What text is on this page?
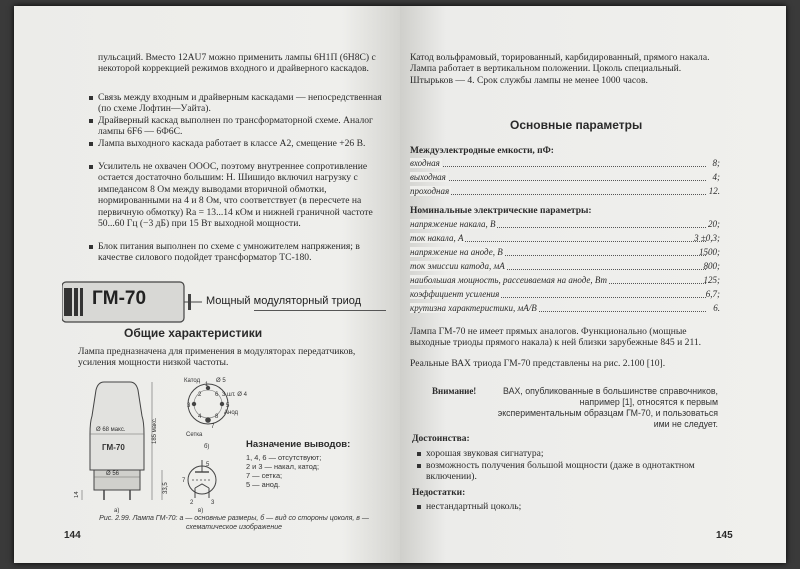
пульсаций. Вместо 12AU7 можно применить лампы 6Н1П (6Н8С) с некоторой коррекцией режимов входного и драйверного каскадов.
Связь между входным и драйверным каскадами — непосредственная (по схеме Лофтин—Уайта).
Драйверный каскад выполнен по трансформаторной схеме. Аналог лампы 6F6 — 6Ф6С.
Лампа выходного каскада работает в классе А2, смещение +26 В.
Усилитель не охвачен ОООС, поэтому внутреннее сопротивление остается достаточно большим: Н. Шишидо включил нагрузку с импедансом 8 Ом между выводами вторичной обмотки, нормированными на 4 и 8 Ом, что соответствует (в пересчете на первичную обмотку) Ra = 13...14 кОм и нижней граничной частоте 50...60 Гц (−3 дБ) при 15 Вт выходной мощности.
Блок питания выполнен по схеме с умножителем напряжения; в качестве силового подойдет трансформатор ТС-180.
ГМ-70	Мощный модуляторный триод
Общие характеристики
Лампа предназначена для применения в модуляторах передатчиков, усиления мощности низкой частоты.
Ø 68 макс.
ГМ-70
Ø 56
185 макс.
33,5
14
а)
Катод	Ø 5
3 шт. Ø 4
Анод
Сетка
1
2
3
4
5
6
7
8
б)
5
7
2	3
в)
Назначение выводов:
1, 4, 6 — отсутствуют;
2 и 3 — накал, катод;
7 — сетка;
5 — анод.
Рис. 2.99. Лампа ГМ-70: а — основные размеры, б — вид со стороны цоколя, в — схематическое изображение
144
Катод вольфрамовый, торированный, карбидированный, прямого накала. Лампа работает в вертикальном положении. Цоколь специальный. Штырьков — 4. Срок службы лампы не менее 1000 часов.
Основные параметры
Междуэлектродные емкости, пФ:
входная	8;
выходная	4;
проходная	12.
Номинальные электрические параметры:
напряжение накала, В	20;
ток накала, А	3 ±0,3;
напряжение на аноде, В	1500;
ток эмиссии катода, мА	800;
наибольшая мощность, рассеиваемая на аноде, Вт	125;
коэффициент усиления	6,7;
крутизна характеристики, мА/В	6.
Лампа ГМ-70 не имеет прямых аналогов. Функционально (мощные выходные триоды прямого накала) к ней близки зарубежные 845 и 211.
Реальные ВАХ триода ГМ-70 представлены на рис. 2.100 [10].
Внимание!	ВАХ, опубликованные в большинстве справочников, например [1], относятся к первым экспериментальным образцам ГМ-70, и пользоваться ими не следует.
Достоинства:
хорошая звуковая сигнатура;
возможность получения большой мощности (даже в однотактном включении).
Недостатки:
нестандартный цоколь;
145
